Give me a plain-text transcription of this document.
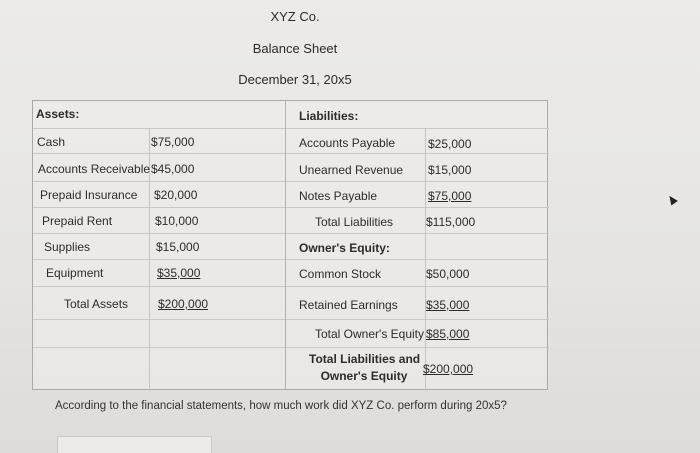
XYZ Co.
Balance Sheet
December 31, 20x5
Assets:
Cash	$75,000
Accounts Receivable $45,000
Prepaid Insurance $20,000
Prepaid Rent	$10,000
Supplies	$15,000
Equipment	$35,000
Total Assets $200,000
Liabilities:
Accounts Payable	$25,000
Unearned Revenue $15,000
Notes Payable	$75,000
Total Liabilities	$115,000
Owner's Equity:
Common Stock	$50,000
Retained Earnings $35,000
Total Owner's Equity $85,000
Total Liabilities and
Owner's Equity	$200,000
According to the financial statements, how much work did XYZ Co. perform during 20x5?
